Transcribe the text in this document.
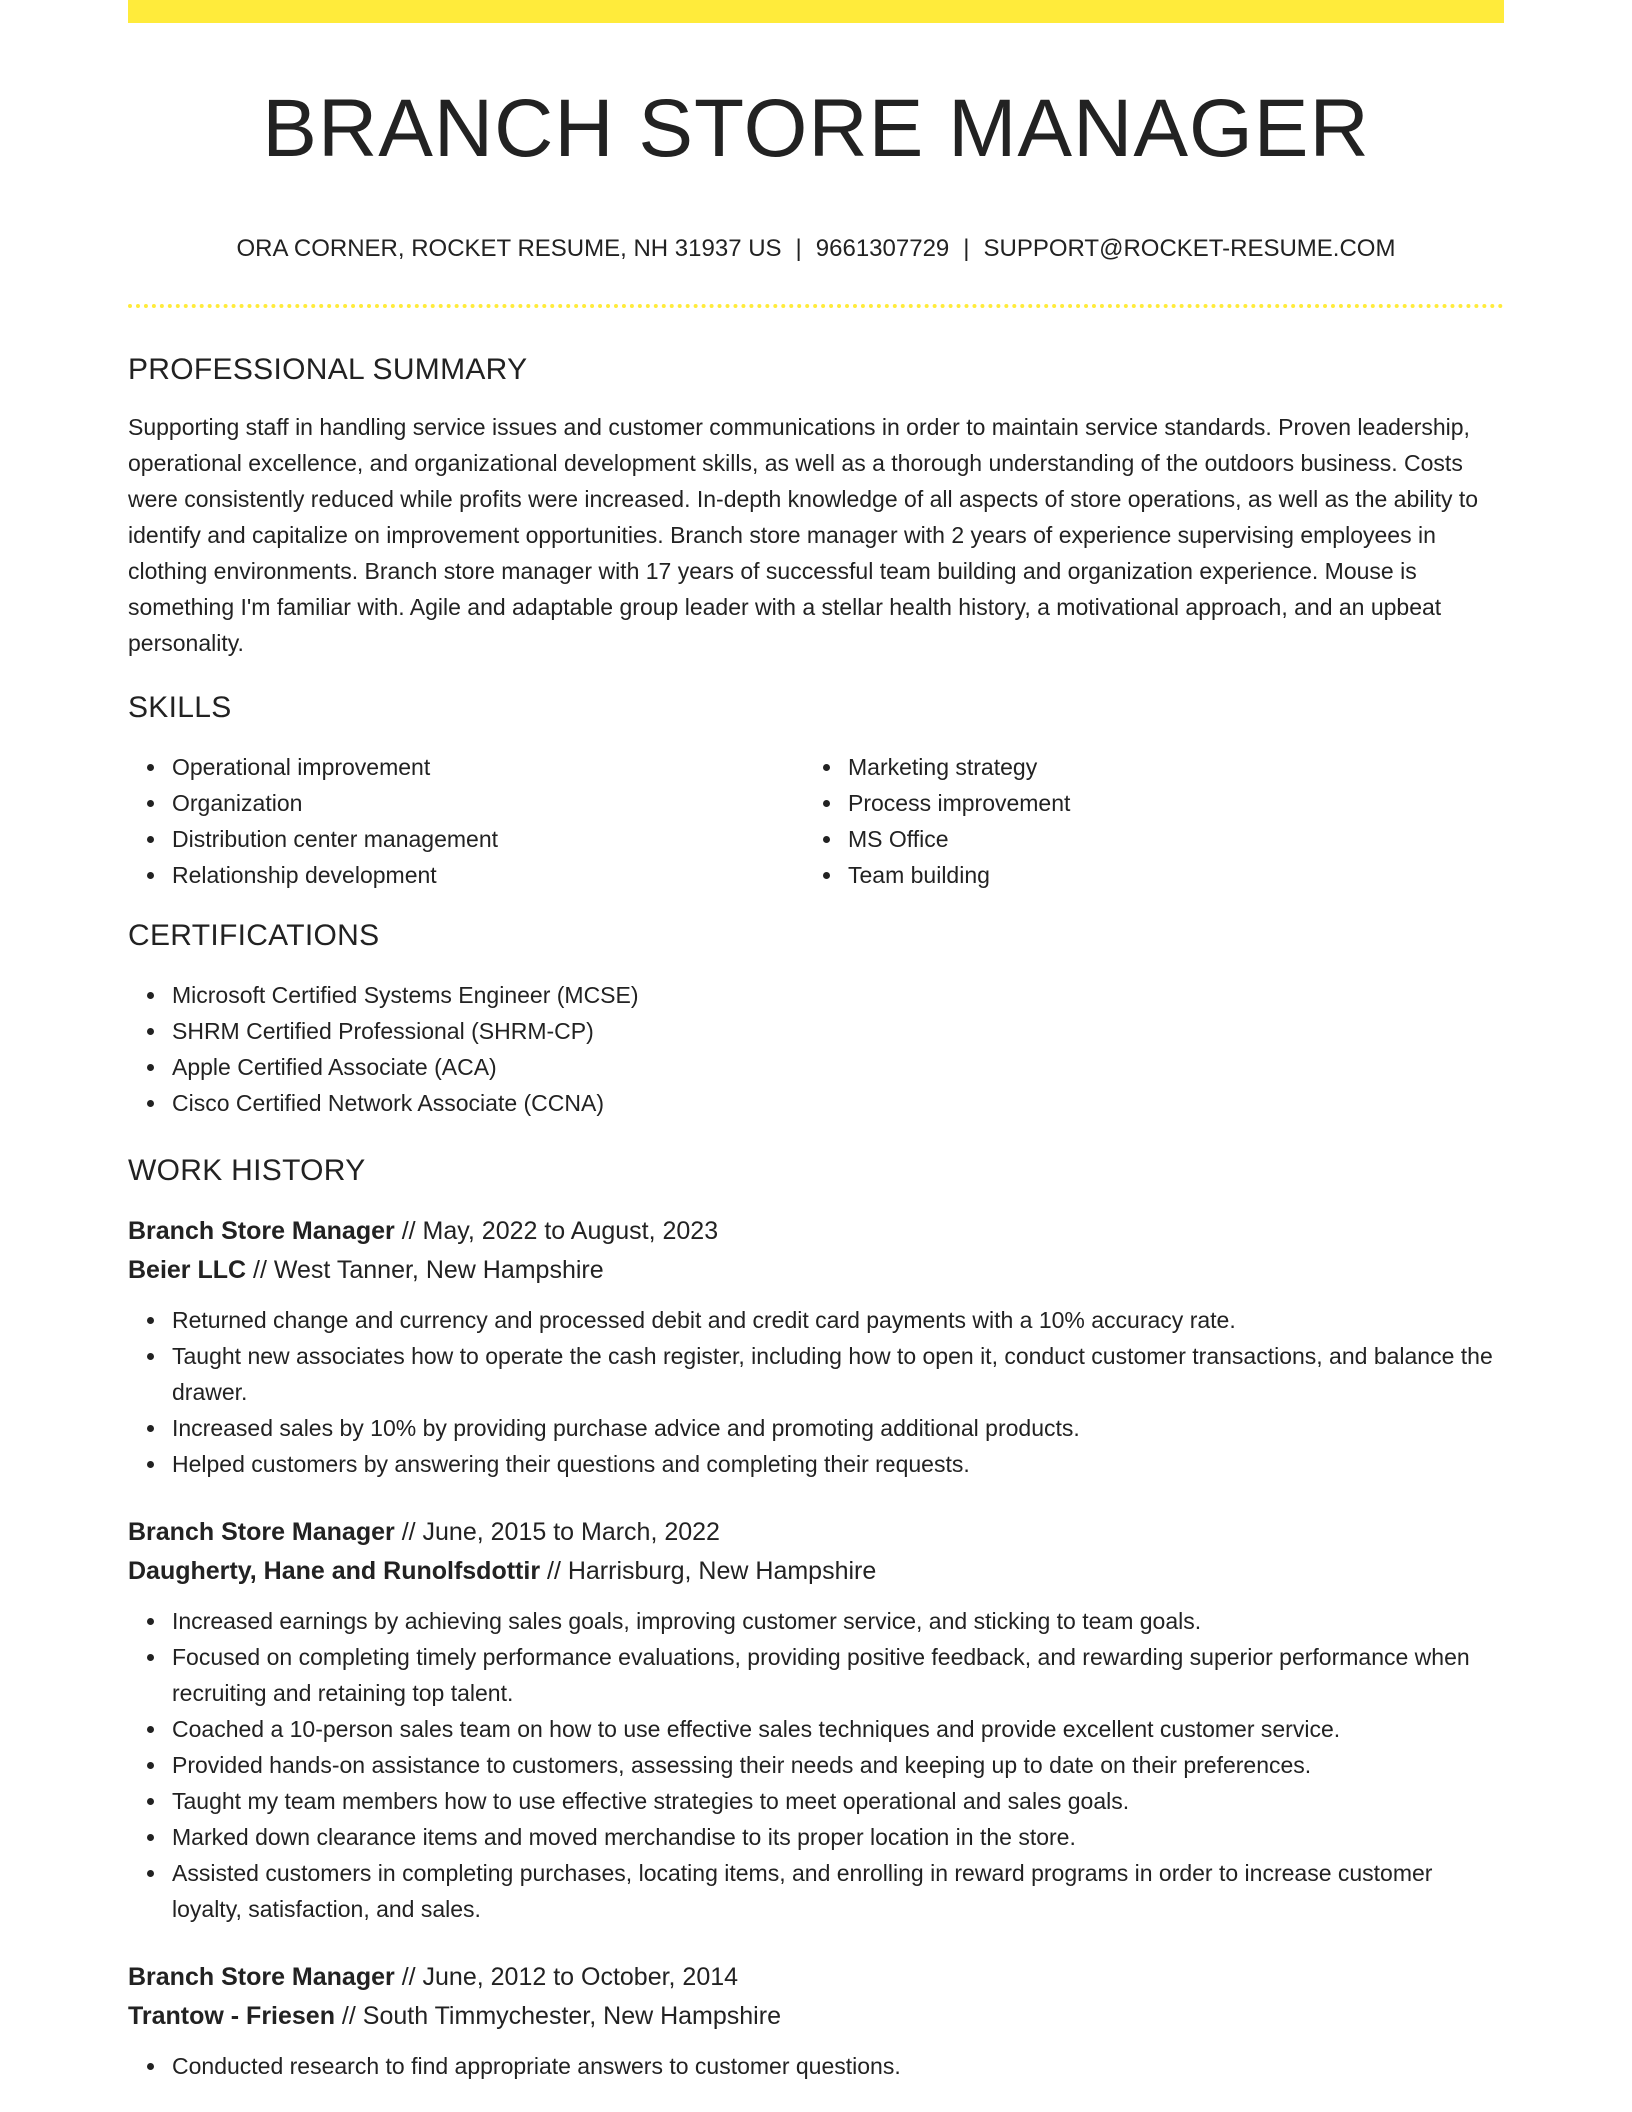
BRANCH STORE MANAGER
ORA CORNER, ROCKET RESUME, NH 31937 US | 9661307729 | SUPPORT@ROCKET-RESUME.COM
PROFESSIONAL SUMMARY
Supporting staff in handling service issues and customer communications in order to maintain service standards. Proven leadership, operational excellence, and organizational development skills, as well as a thorough understanding of the outdoors business. Costs were consistently reduced while profits were increased. In-depth knowledge of all aspects of store operations, as well as the ability to identify and capitalize on improvement opportunities. Branch store manager with 2 years of experience supervising employees in clothing environments. Branch store manager with 17 years of successful team building and organization experience. Mouse is something I'm familiar with. Agile and adaptable group leader with a stellar health history, a motivational approach, and an upbeat personality.
SKILLS
Operational improvement
Organization
Distribution center management
Relationship development
Marketing strategy
Process improvement
MS Office
Team building
CERTIFICATIONS
Microsoft Certified Systems Engineer (MCSE)
SHRM Certified Professional (SHRM-CP)
Apple Certified Associate (ACA)
Cisco Certified Network Associate (CCNA)
WORK HISTORY
Branch Store Manager // May, 2022 to August, 2023
Beier LLC // West Tanner, New Hampshire
Returned change and currency and processed debit and credit card payments with a 10% accuracy rate.
Taught new associates how to operate the cash register, including how to open it, conduct customer transactions, and balance the drawer.
Increased sales by 10% by providing purchase advice and promoting additional products.
Helped customers by answering their questions and completing their requests.
Branch Store Manager // June, 2015 to March, 2022
Daugherty, Hane and Runolfsdottir // Harrisburg, New Hampshire
Increased earnings by achieving sales goals, improving customer service, and sticking to team goals.
Focused on completing timely performance evaluations, providing positive feedback, and rewarding superior performance when recruiting and retaining top talent.
Coached a 10-person sales team on how to use effective sales techniques and provide excellent customer service.
Provided hands-on assistance to customers, assessing their needs and keeping up to date on their preferences.
Taught my team members how to use effective strategies to meet operational and sales goals.
Marked down clearance items and moved merchandise to its proper location in the store.
Assisted customers in completing purchases, locating items, and enrolling in reward programs in order to increase customer loyalty, satisfaction, and sales.
Branch Store Manager // June, 2012 to October, 2014
Trantow - Friesen // South Timmychester, New Hampshire
Conducted research to find appropriate answers to customer questions.
